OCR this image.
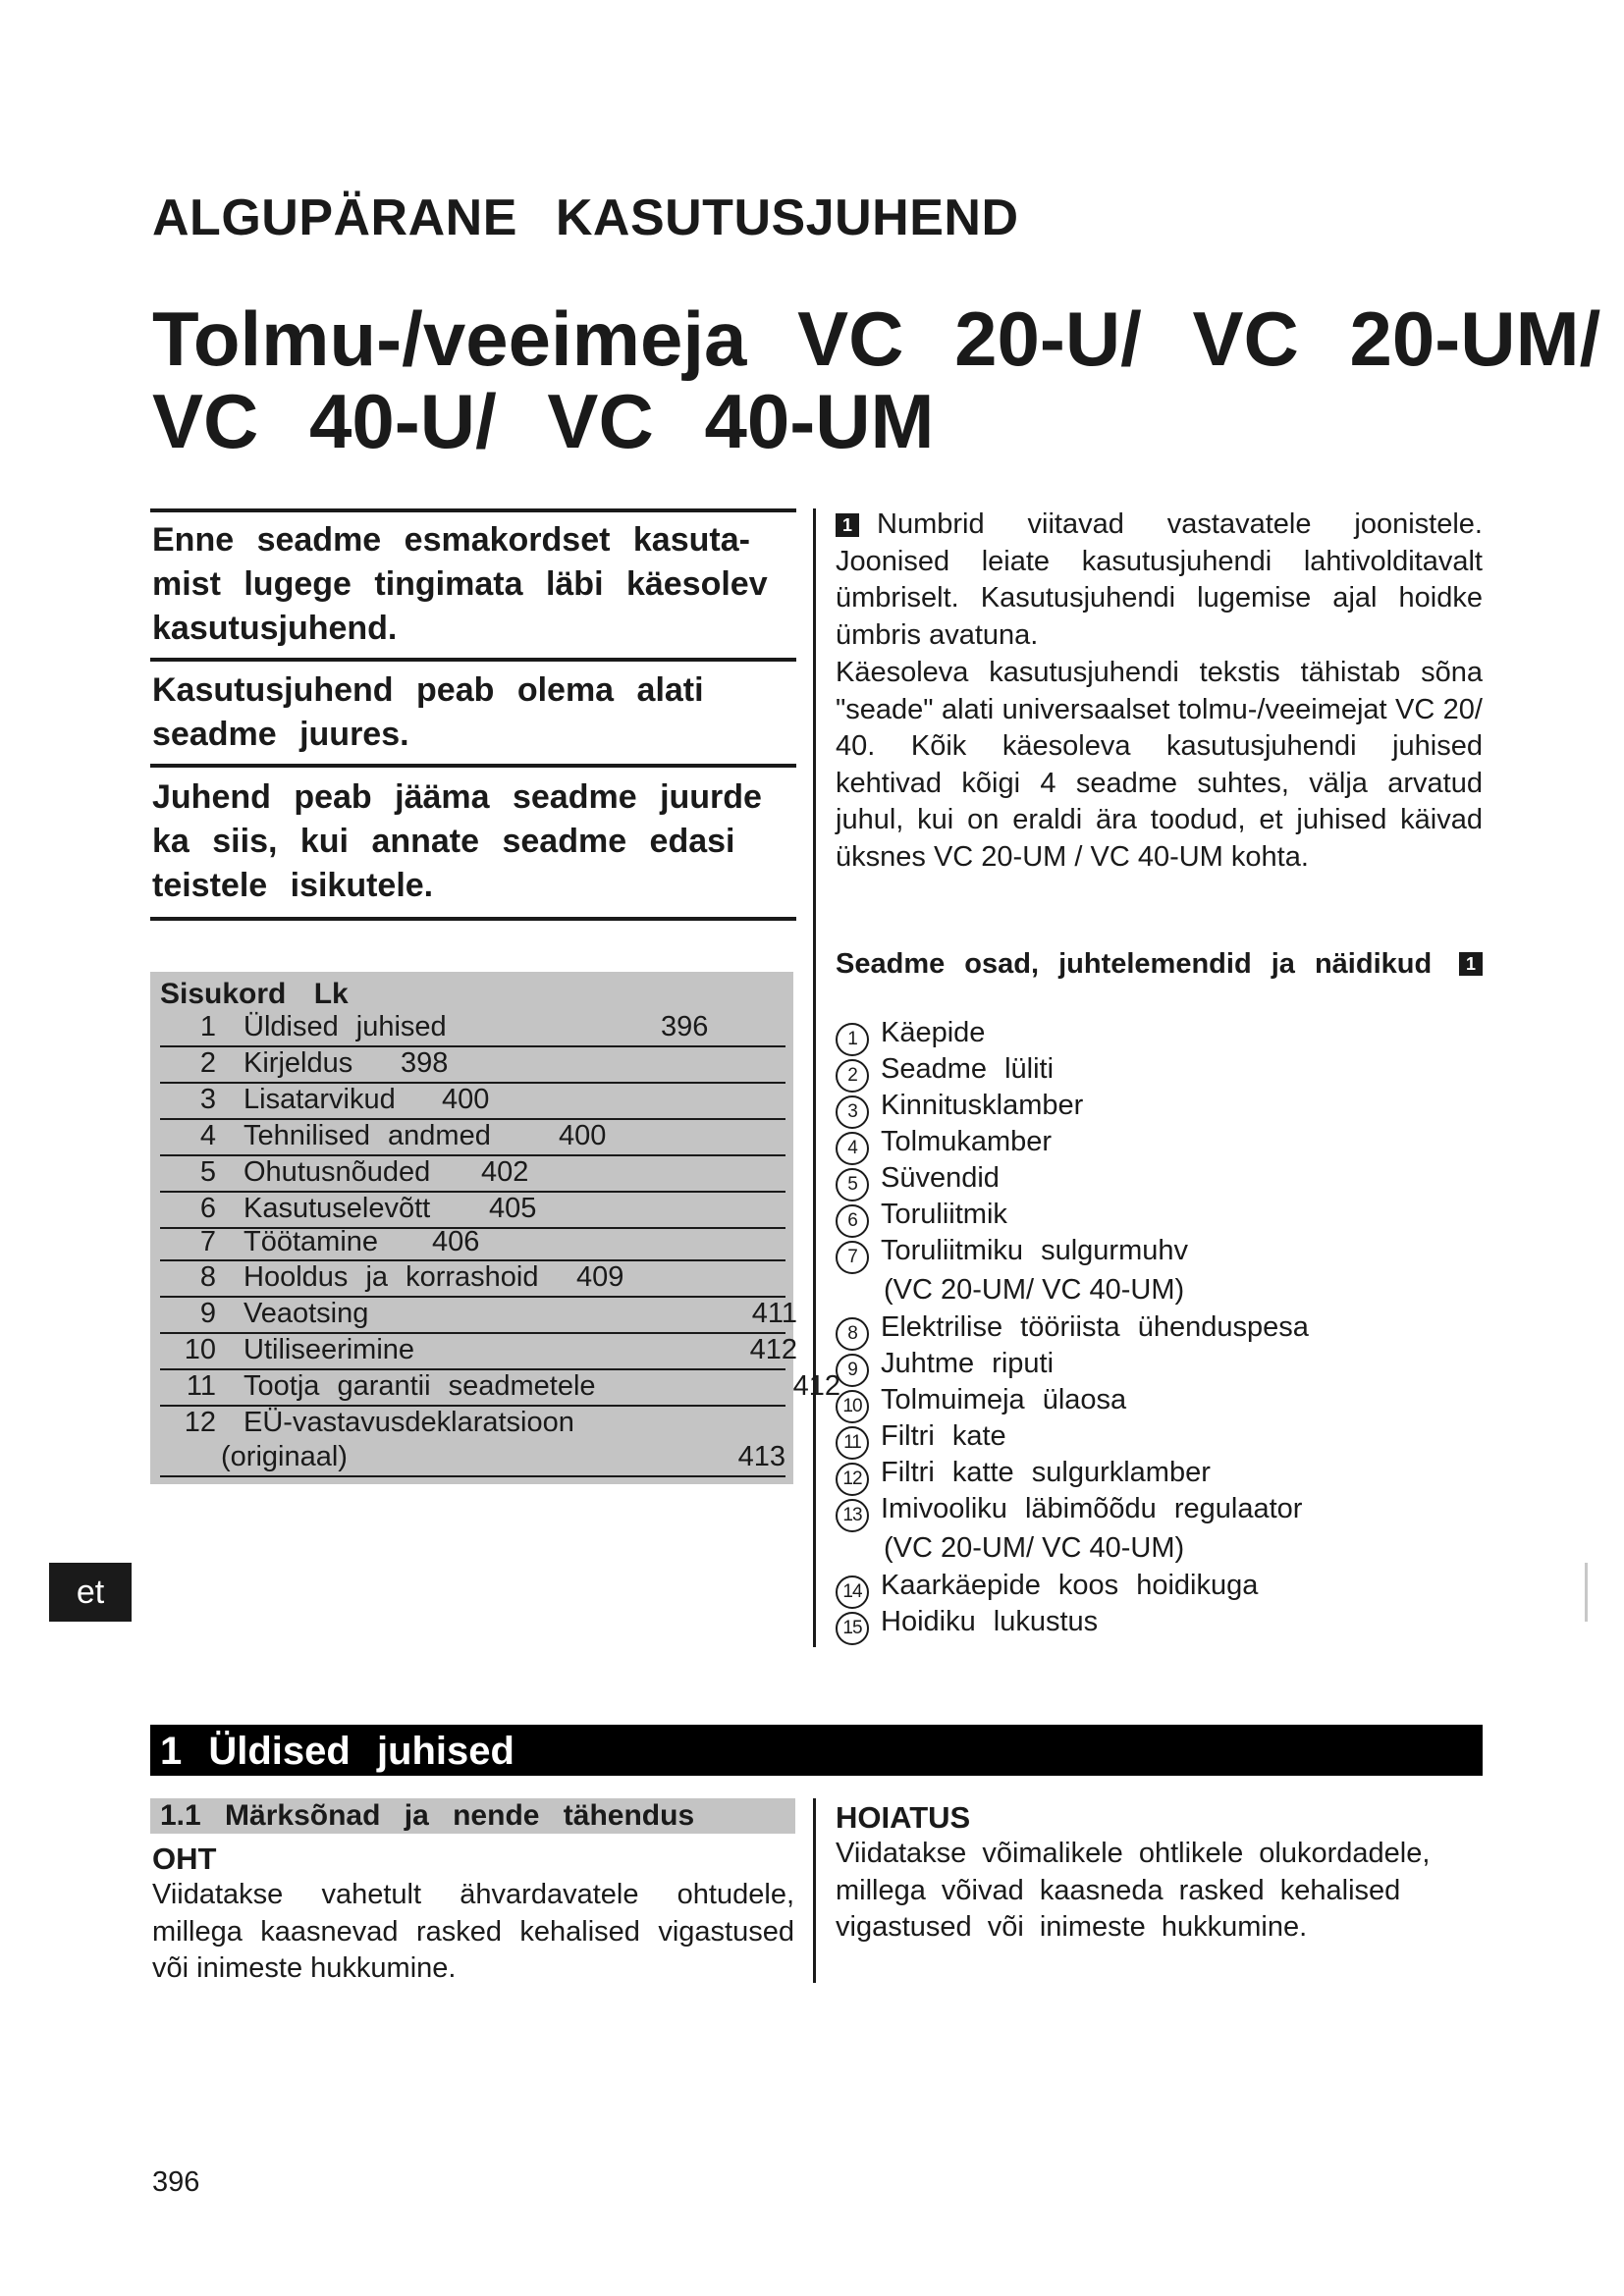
ALGUPÄRANE KASUTUSJUHEND
Tolmu-/veeimeja VC 20-U/ VC 20-UM/
VC 40-U/ VC 40-UM
Enne seadme esmakordset kasuta-
mist lugege tingimata läbi käesolev
kasutusjuhend.
Kasutusjuhend peab olema alati
seadme juures.
Juhend peab jääma seadme juurde
ka siis, kui annate seadme edasi
teistele isikutele.

1 Numbrid viitavad vastavatele joonistele. Joonised leiate kasutusjuhendi lahtivolditavalt ümbriselt. Kasutusjuhendi lugemise ajal hoidke ümbris avatuna.

Käesoleva kasutusjuhendi tekstis tähistab sõna "seade" alati universaalset tolmu-/veeimejat VC 20/ 40. Kõik käesoleva kasutusjuhendi juhised kehtivad kõigi 4 seadme suhtes, välja arvatud juhul, kui on eraldi ära toodud, et juhised käivad üksnes VC 20-UM / VC 40-UM kohta.

Sisukord Lk
1 Üldised juhised	396
2 Kirjeldus 398
3 Lisatarvikud 400
4 Tehnilised andmed 400
5 Ohutusnõuded 402
6 Kasutuselevõtt 405
7 Töötamine 406
8 Hooldus ja korrashoid 409
9 Veaotsing	411
10 Utiliseerimine	412
11 Tootja garantii seadmetele	412
12 EÜ-vastavusdeklaratsioon
(originaal)	413
et
Seadme osad, juhtelemendid ja näidikud	1
1 Käepide
2 Seadme lüliti
3 Kinnitusklamber
4 Tolmukamber
5 Süvendid
6 Toruliitmik
7 Toruliitmiku sulgurmuhv
(VC 20-UM/ VC 40-UM)
8 Elektrilise tööriista ühenduspesa
9 Juhtme riputi
10 Tolmuimeja ülaosa
11 Filtri kate
12 Filtri katte sulgurklamber
13 Imivooliku läbimõõdu regulaator
(VC 20-UM/ VC 40-UM)
14 Kaarkäepide koos hoidikuga
15 Hoidiku lukustus
1 Üldised juhised
1.1 Märksõnad ja nende tähendus
OHT

Viidatakse vahetult ähvardavatele ohtudele, millega kaasnevad rasked kehalised vigastused või inimeste hukkumine.

HOIATUS

Viidatakse võimalikele ohtlikele olukordadele, millega võivad kaasneda rasked kehalised vigastused või inimeste hukkumine.

396
